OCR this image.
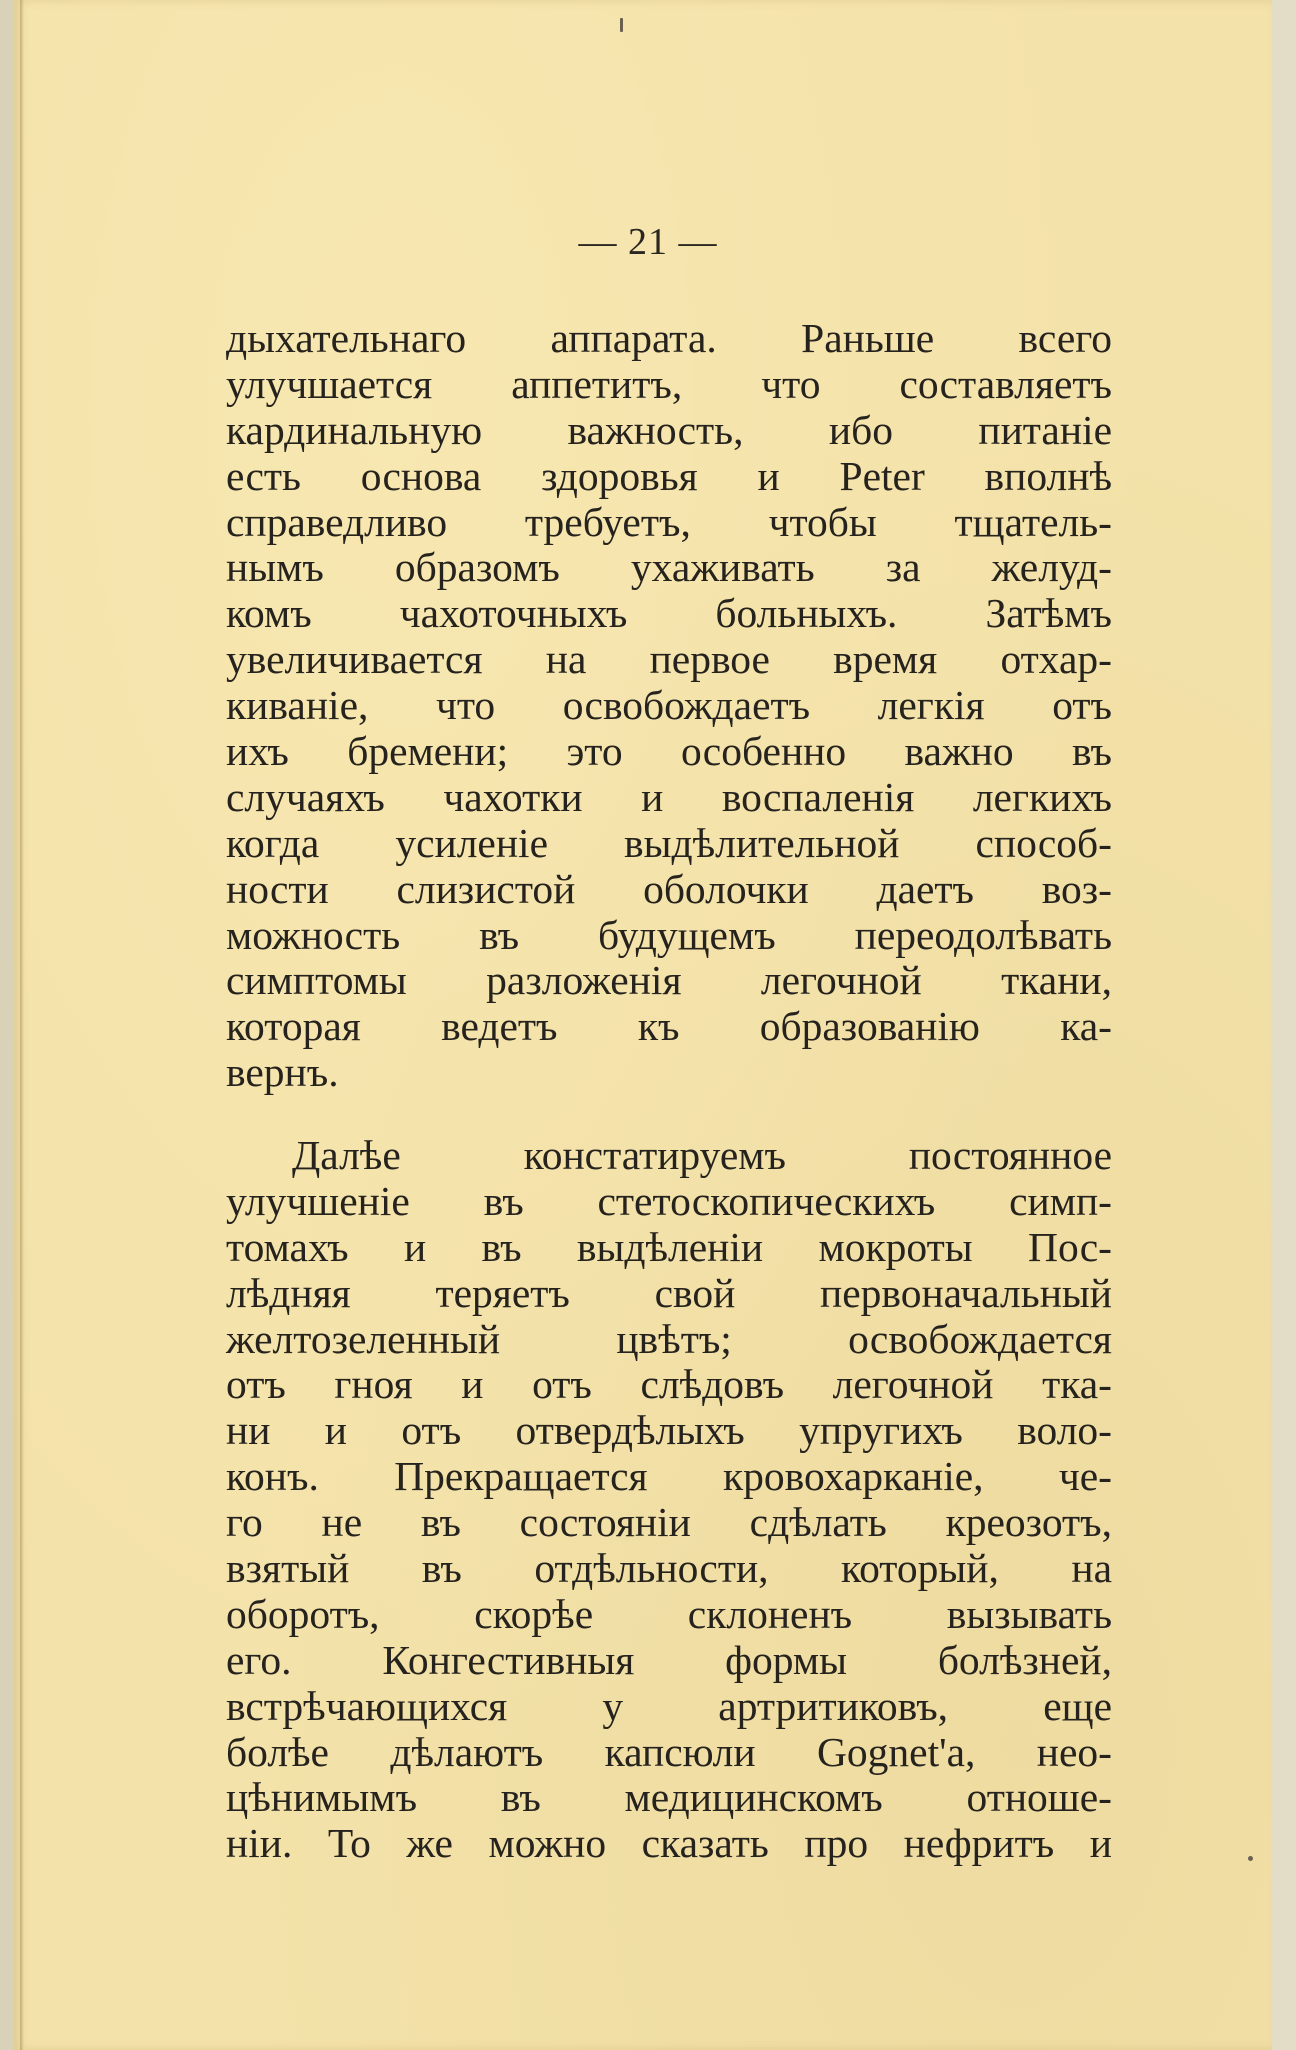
— 21 —
дыхательнаго аппарата. Раньше всего
улучшается аппетитъ, что составляетъ
кардинальную важность, ибо питаніе
есть основа здоровья и Peter вполнѣ
справедливо требуетъ, чтобы тщатель-
нымъ образомъ ухаживать за желуд-
комъ чахоточныхъ больныхъ. Затѣмъ
увеличивается на первое время отхар-
киваніе, что освобождаетъ легкія отъ
ихъ бремени; это особенно важно въ
случаяхъ чахотки и воспаленія легкихъ
когда усиленіе выдѣлительной способ-
ности слизистой оболочки даетъ воз-
можность въ будущемъ переодолѣвать
симптомы разложенія легочной ткани,
которая ведетъ къ образованію ка-
вернъ.
Далѣе констатируемъ постоянное
улучшеніе въ стетоскопическихъ симп-
томахъ и въ выдѣленіи мокроты Пос-
лѣдняя теряетъ свой первоначальный
желтозеленный цвѣтъ; освобождается
отъ гноя и отъ слѣдовъ легочной тка-
ни и отъ отвердѣлыхъ упругихъ воло-
конъ. Прекращается кровохарканіе, че-
го не въ состояніи сдѣлать креозотъ,
взятый въ отдѣльности, который, на
оборотъ, скорѣе склоненъ вызывать
его. Конгестивныя формы болѣзней,
встрѣчающихся у артритиковъ, еще
болѣе дѣлаютъ капсюли Gognet'а, нео-
цѣнимымъ въ медицинскомъ отноше-
ніи. То же можно сказать про нефритъ и
